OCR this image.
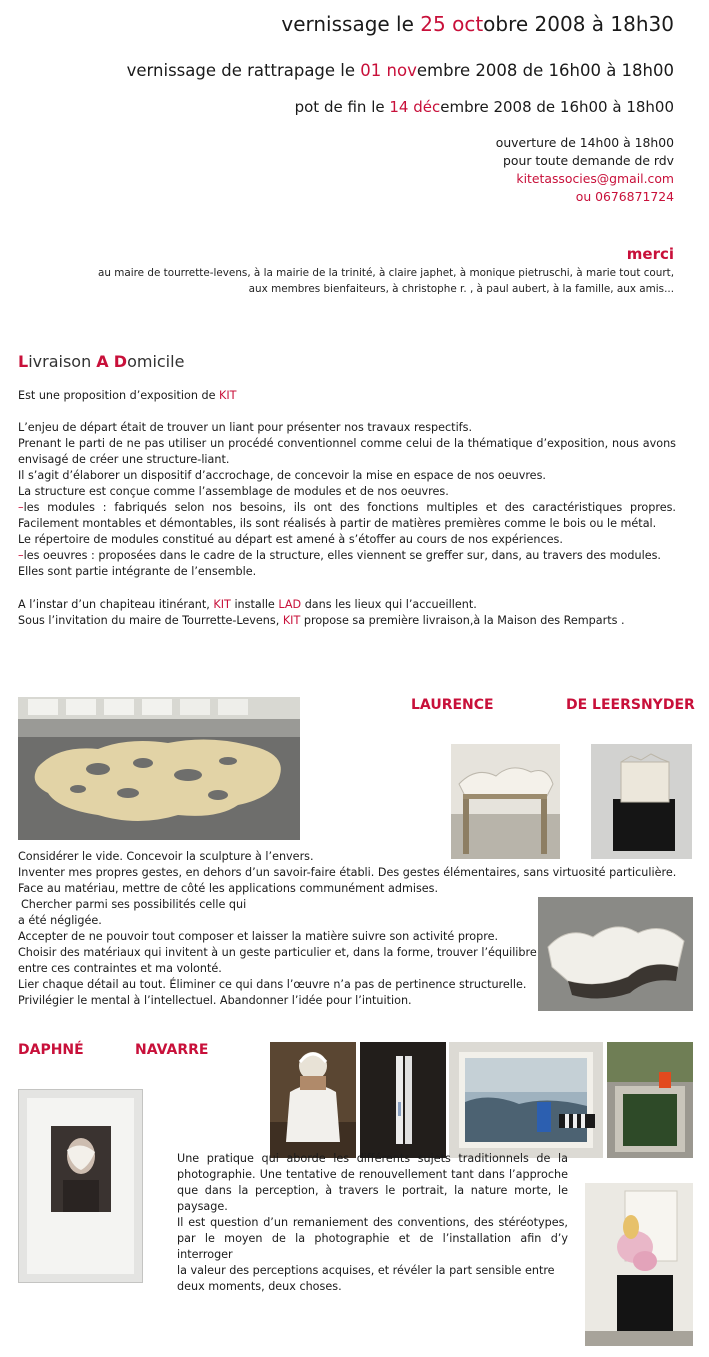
vernissage le 25 octobre 2008 à 18h30
vernissage de rattrapage le 01 novembre 2008 de 16h00 à 18h00
pot de fin le 14 décembre 2008 de 16h00 à 18h00
ouverture de 14h00 à 18h00
pour toute demande de rdv
kitetassocies@gmail.com
ou 0676871724
merci
au maire de tourrette-levens, à la mairie de la trinité, à claire japhet, à monique pietruschi, à marie tout court,
aux membres bienfaiteurs, à christophe r. , à paul aubert, à la famille, aux amis...
Livraison A Domicile
Est une proposition d’exposition de KIT
L’enjeu de départ était de trouver un liant pour présenter nos travaux respectifs.
Prenant le parti de ne pas utiliser un procédé conventionnel comme celui de la thématique d’exposition, nous avons envisagé de créer une structure-liant.
Il s’agit d’élaborer un dispositif d’accrochage, de concevoir la mise en espace de nos oeuvres.
La structure est conçue comme l’assemblage de modules et de nos oeuvres.
–les modules : fabriqués selon nos besoins, ils ont des fonctions multiples et des caractéristiques propres. Facilement montables et démontables, ils sont réalisés à partir de matières premières comme le bois ou le métal.
Le répertoire de modules constitué au départ est amené à s’étoffer au cours de nos expériences.
–les oeuvres : proposées dans le cadre de la structure, elles viennent se greffer sur, dans, au travers des modules.
Elles sont partie intégrante de l’ensemble.
A l’instar d’un chapiteau itinérant, KIT installe LAD dans les lieux qui l’accueillent.
Sous l’invitation du maire de Tourrette-Levens, KIT propose sa première livraison,à la Maison des Remparts .
LAURENCE	DE LEERSNYDER
Considérer le vide. Concevoir la sculpture à l’envers.
Inventer mes propres gestes, en dehors d’un savoir-faire établi. Des gestes élémentaires, sans virtuosité particulière.
Face au matériau, mettre de côté les applications communément admises.
Chercher parmi ses possibilités celle qui
a été négligée.
Accepter de ne pouvoir tout composer et laisser la matière suivre son activité propre.
Choisir des matériaux qui invitent à un geste particulier et, dans la forme, trouver l’équilibre
entre ces contraintes et ma volonté.
Lier chaque détail au tout. Éliminer ce qui dans l’œuvre n’a pas de pertinence structurelle.
Privilégier le mental à l’intellectuel. Abandonner l’idée pour l’intuition.
DAPHNÉ	NAVARRE
Une pratique qui aborde les différents sujets traditionnels de la photographie. Une tentative de renouvellement tant dans l’approche que dans la perception, à travers le portrait, la nature morte, le paysage.
Il est question d’un remaniement des conventions, des stéréotypes, par le moyen de la photographie et de l’installation afin d’y interroger
la valeur des perceptions acquises, et révéler la part sensible entre deux moments, deux choses.
